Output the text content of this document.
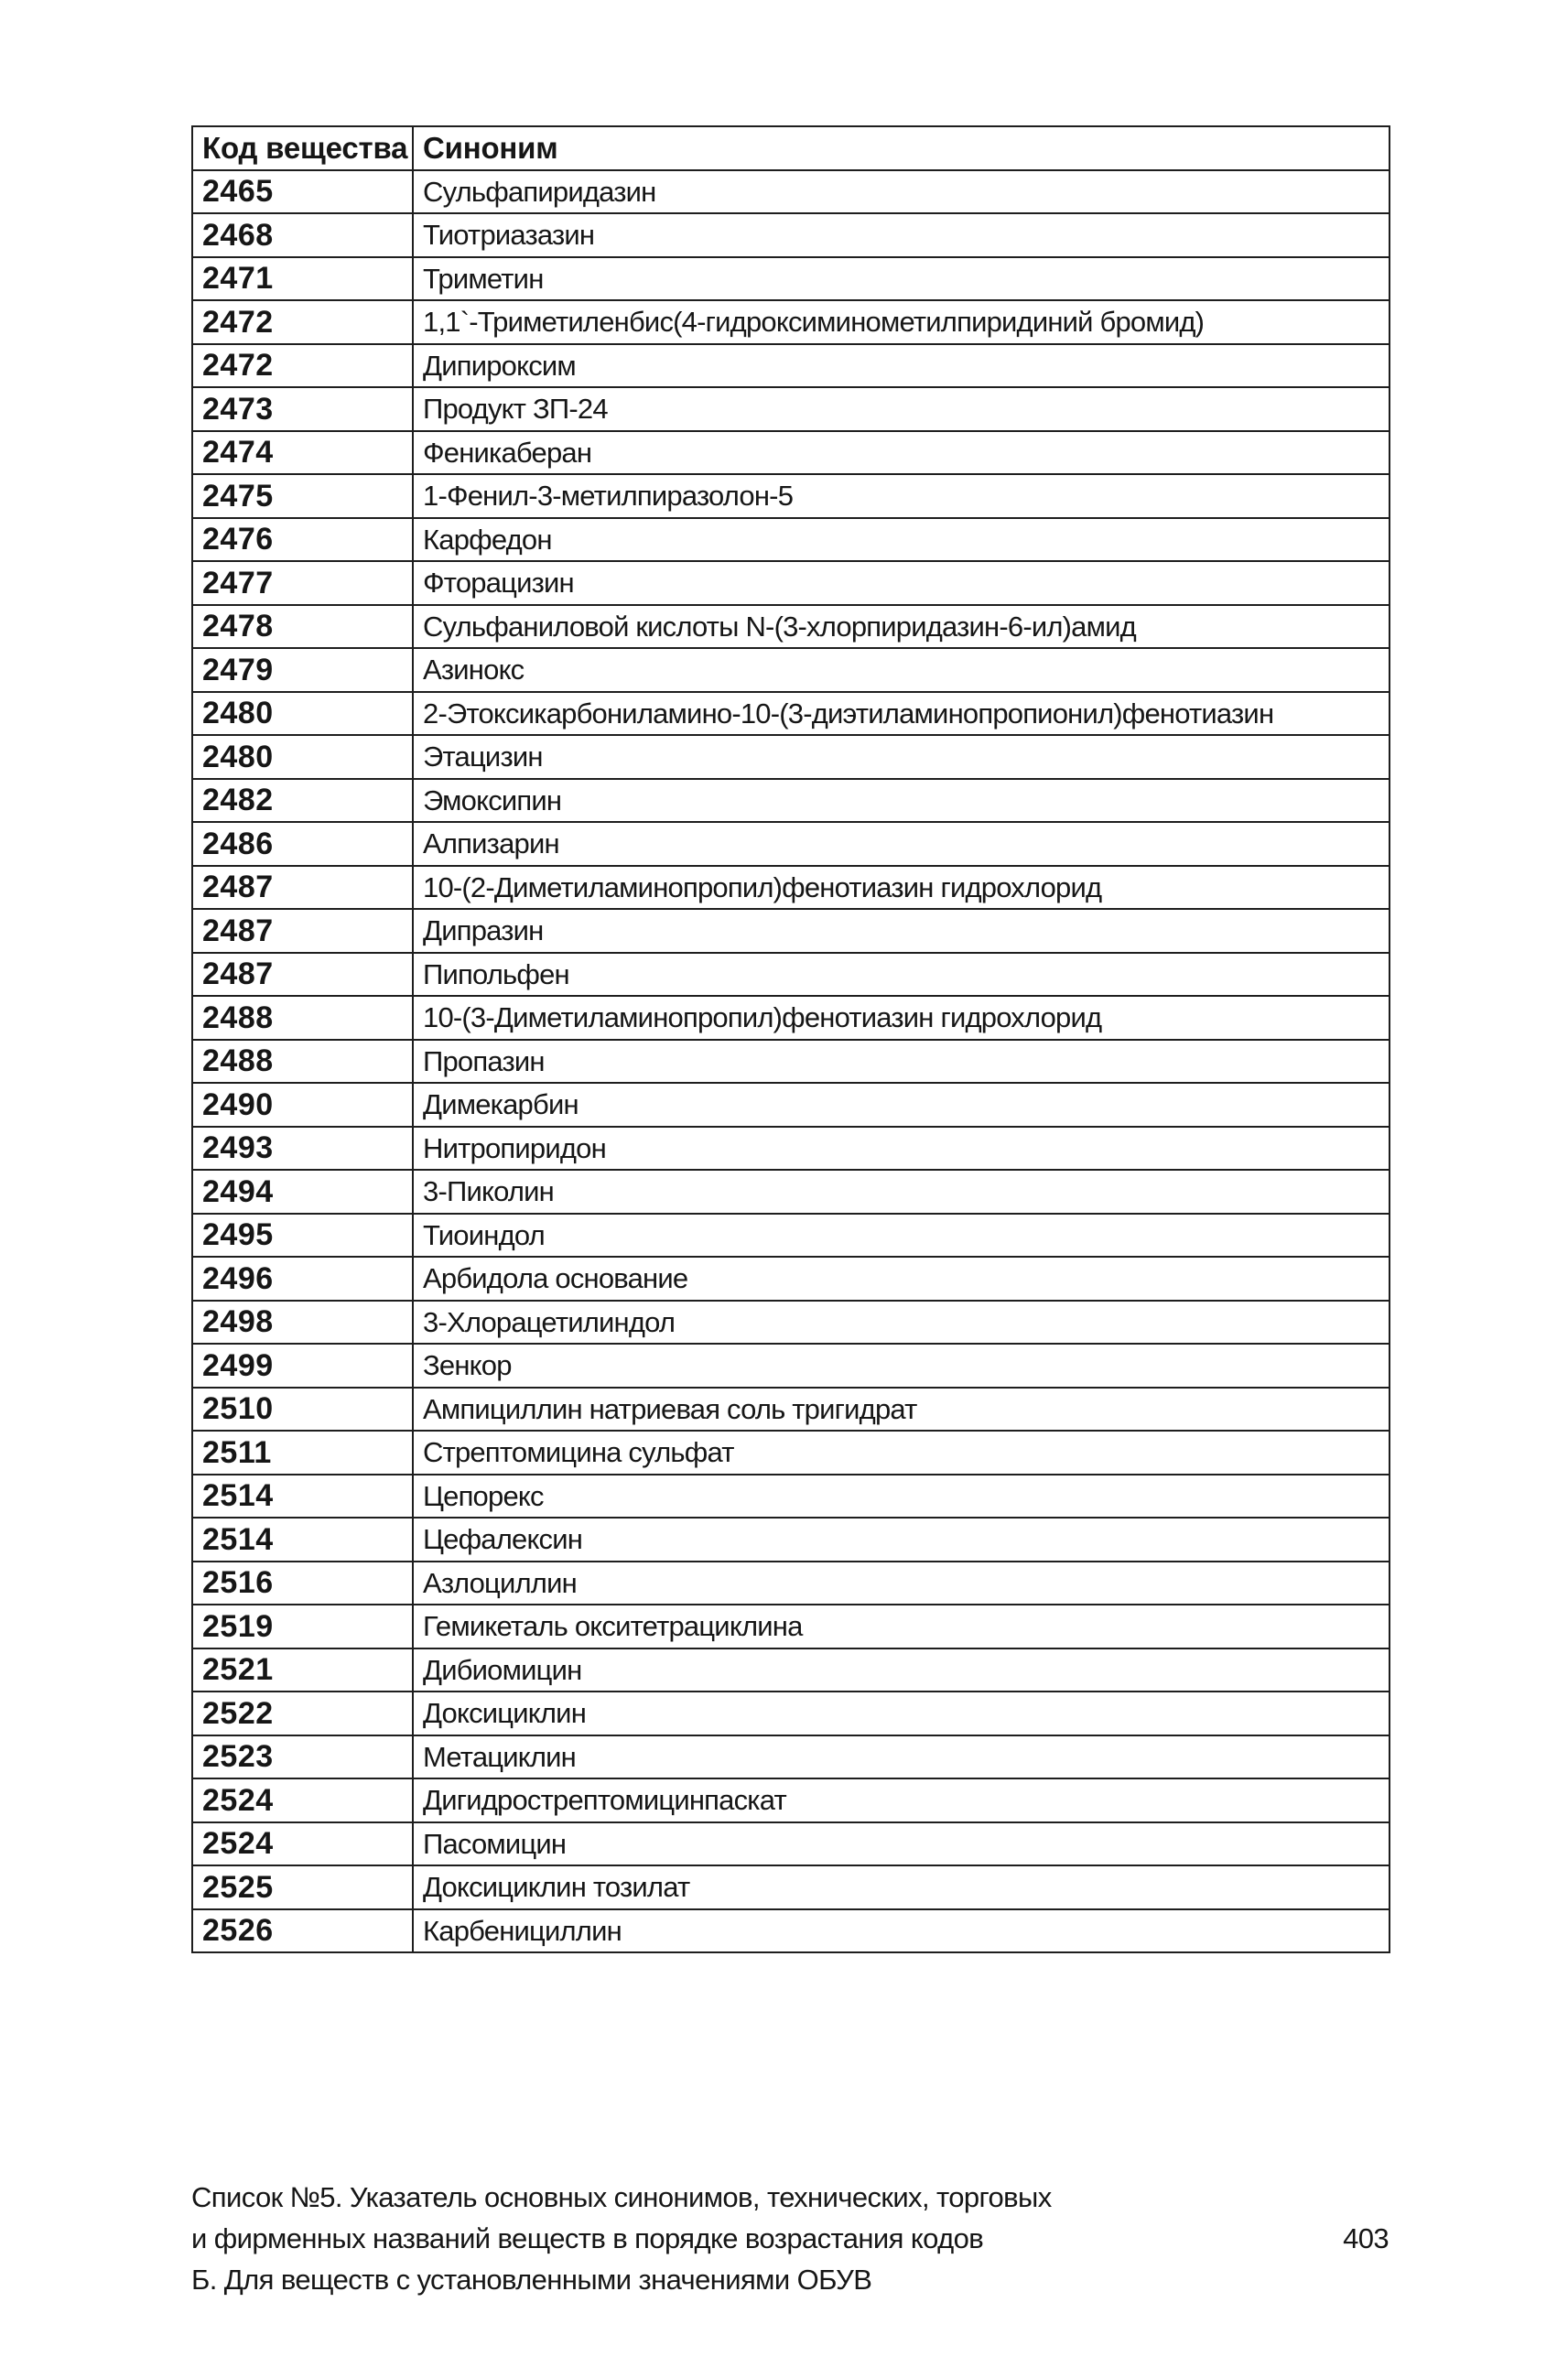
Код вещества	Синоним
2465	Сульфапиридазин
2468	Тиотриазазин
2471	Триметин
2472	1,1`-Триметиленбис(4-гидроксиминометилпиридиний бромид)
2472	Дипироксим
2473	Продукт ЗП-24
2474	Феникаберан
2475	1-Фенил-3-метилпиразолон-5
2476	Карфедон
2477	Фторацизин
2478	Сульфаниловой кислоты N-(3-хлорпиридазин-6-ил)амид
2479	Азинокс
2480	2-Этоксикарбониламино-10-(3-диэтиламинопропионил)фенотиазин
2480	Этацизин
2482	Эмоксипин
2486	Алпизарин
2487	10-(2-Диметиламинопропил)фенотиазин гидрохлорид
2487	Дипразин
2487	Пипольфен
2488	10-(3-Диметиламинопропил)фенотиазин гидрохлорид
2488	Пропазин
2490	Димекарбин
2493	Нитропиридон
2494	3-Пиколин
2495	Тиоиндол
2496	Арбидола основание
2498	3-Хлорацетилиндол
2499	Зенкор
2510	Ампициллин натриевая соль тригидрат
2511	Стрептомицина сульфат
2514	Цепорекс
2514	Цефалексин
2516	Азлоциллин
2519	Гемикеталь окситетрациклина
2521	Дибиомицин
2522	Доксициклин
2523	Метациклин
2524	Дигидрострептомицинпаскат
2524	Пасомицин
2525	Доксициклин тозилат
2526	Карбенициллин
Список №5. Указатель основных синонимов, технических, торговых
и фирменных названий веществ в порядке возрастания кодов
Б. Для веществ с установленными значениями ОБУВ
403
